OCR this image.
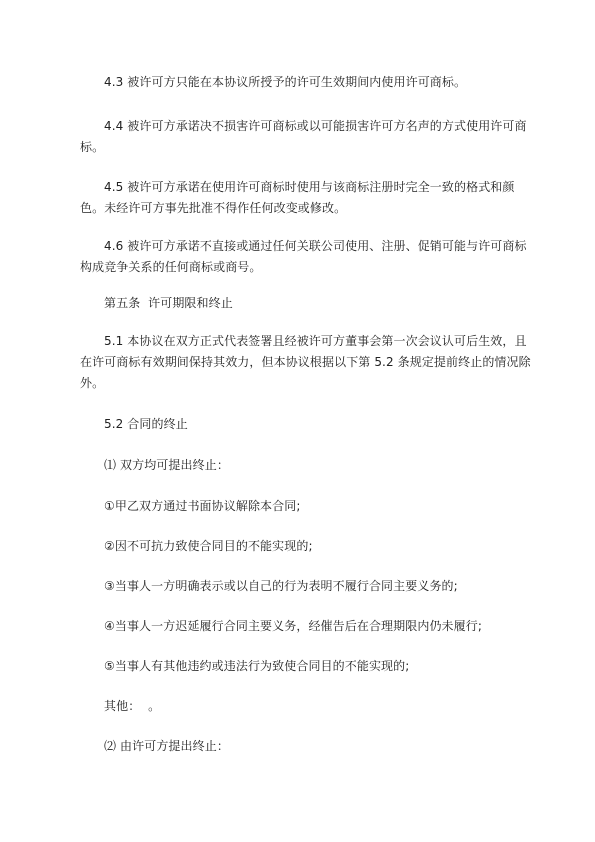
4.3 被许可方只能在本协议所授予的许可生效期间内使用许可商标。

4.4 被许可方承诺决不损害许可商标或以可能损害许可方名声的方式使用许可商标。

4.5 被许可方承诺在使用许可商标时使用与该商标注册时完全一致的格式和颜色。未经许可方事先批准不得作任何改变或修改。

4.6 被许可方承诺不直接或通过任何关联公司使用、注册、促销可能与许可商标构成竞争关系的任何商标或商号。

第五条  许可期限和终止

5.1 本协议在双方正式代表签署且经被许可方董事会第一次会议认可后生效，且在许可商标有效期间保持其效力，但本协议根据以下第 5.2 条规定提前终止的情况除外。

5.2 合同的终止

⑴ 双方均可提出终止：

①甲乙双方通过书面协议解除本合同;

②因不可抗力致使合同目的不能实现的;

③当事人一方明确表示或以自己的行为表明不履行合同主要义务的;

④当事人一方迟延履行合同主要义务，经催告后在合理期限内仍未履行;

⑤当事人有其他违约或违法行为致使合同目的不能实现的;

其他：  。

⑵ 由许可方提出终止：
